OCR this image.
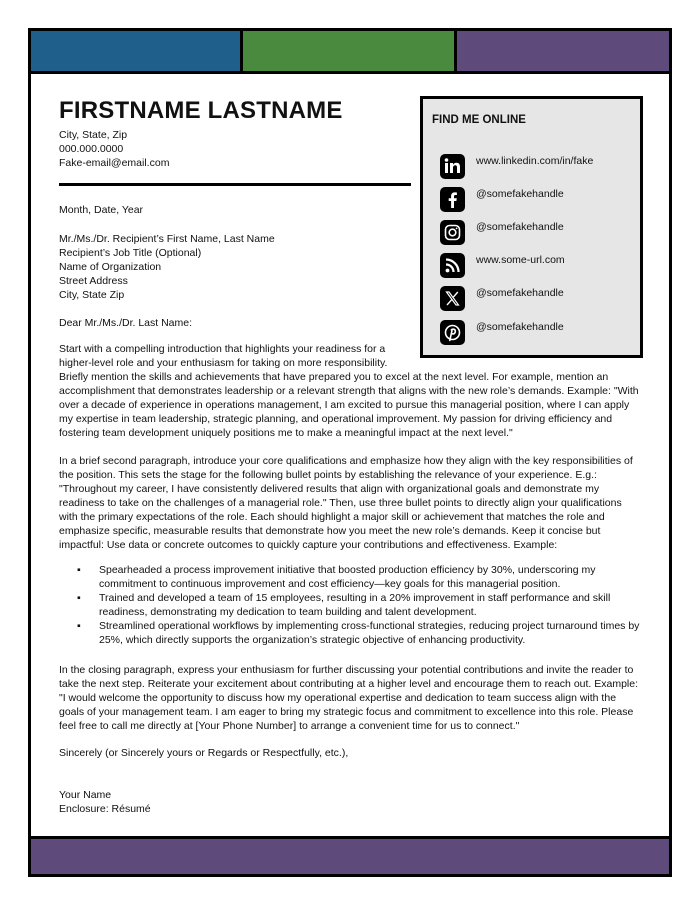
FIRSTNAME LASTNAME
City, State, Zip
000.000.0000
Fake-email@email.com
FIND ME ONLINE
www.linkedin.com/in/fake
@somefakehandle
@somefakehandle
www.some-url.com
@somefakehandle
@somefakehandle

Month, Date, Year

Mr./Ms./Dr. Recipient’s First Name, Last Name
Recipient’s Job Title (Optional)
Name of Organization
Street Address
City, State Zip

Dear Mr./Ms./Dr. Last Name:

Start with a compelling introduction that highlights your readiness for a
higher-level role and your enthusiasm for taking on more responsibility.
Briefly mention the skills and achievements that have prepared you to excel at the next level. For example, mention an accomplishment that demonstrates leadership or a relevant strength that aligns with the new role’s demands. Example: "With over a decade of experience in operations management, I am excited to pursue this managerial position, where I can apply my expertise in team leadership, strategic planning, and operational improvement. My passion for driving efficiency and fostering team development uniquely positions me to make a meaningful impact at the next level."

In a brief second paragraph, introduce your core qualifications and emphasize how they align with the key responsibilities of the position. This sets the stage for the following bullet points by establishing the relevance of your experience. E.g.: "Throughout my career, I have consistently delivered results that align with organizational goals and demonstrate my readiness to take on the challenges of a managerial role." Then, use three bullet points to directly align your qualifications with the primary expectations of the role. Each should highlight a major skill or achievement that matches the role and emphasize specific, measurable results that demonstrate how you meet the new role’s demands. Keep it concise but impactful: Use data or concrete outcomes to quickly capture your contributions and effectiveness. Example:

▪ Spearheaded a process improvement initiative that boosted production efficiency by 30%, underscoring my commitment to continuous improvement and cost efficiency—key goals for this managerial position.
▪ Trained and developed a team of 15 employees, resulting in a 20% improvement in staff performance and skill readiness, demonstrating my dedication to team building and talent development.
▪ Streamlined operational workflows by implementing cross-functional strategies, reducing project turnaround times by 25%, which directly supports the organization’s strategic objective of enhancing productivity.

In the closing paragraph, express your enthusiasm for further discussing your potential contributions and invite the reader to take the next step. Reiterate your excitement about contributing at a higher level and encourage them to reach out. Example: "I would welcome the opportunity to discuss how my operational expertise and dedication to team success align with the goals of your management team. I am eager to bring my strategic focus and commitment to excellence into this role. Please feel free to call me directly at [Your Phone Number] to arrange a convenient time for us to connect."

Sincerely (or Sincerely yours or Regards or Respectfully, etc.),

Your Name
Enclosure: Résumé
